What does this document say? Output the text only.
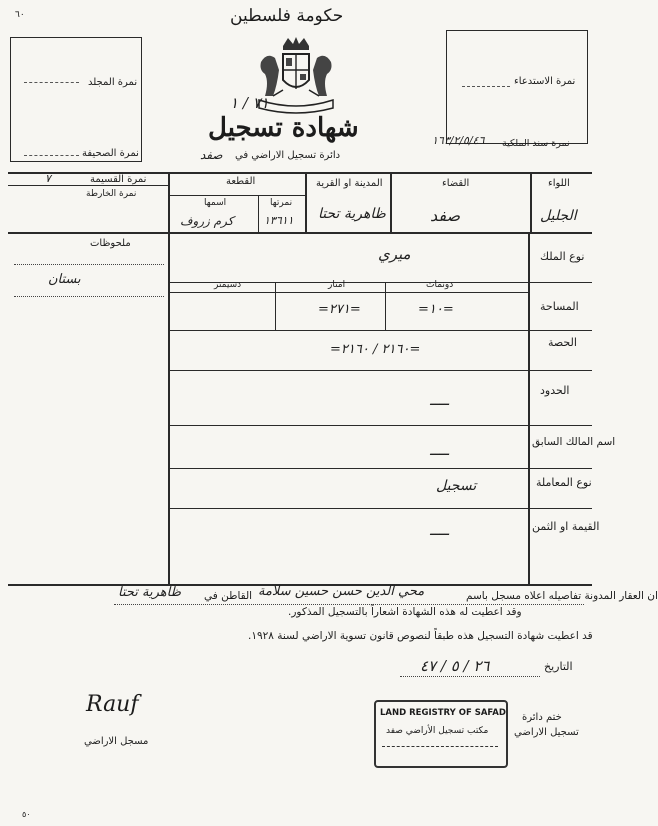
٦٠	حكومة فلسطين
٧١ / ١
شهادة تسجيل
دائرة تسجيل الاراضي في
صفد
نمرة المجلد
نمرة الصحيفة
نمرة الاستدعاء
نمرة سند الملكية
١٦٣/٢/٥/٤٦
اللواء
القضاء
المدينة او القرية
القطعة
نمرتها
اسمها
نمرة القسيمة
٧
نمرة الخارطة
الجليل
صفد
ظاهرية تحتا
١٣٦١١
كرم زروف
ملحوظات
بستان
نوع الملك
ميري
المساحة
دونمات
امتار
دسيمتر
=١٠=
=٢٧١=
الحصة
=٢١٦٠ / ٢١٦٠=
الحدود
ــــ
اسم المالك السابق
ــــ
نوع المعاملة
تسجيل
القيمة او الثمن
ــــ
ان العقار المدونة تفاصيله اعلاه مسجل باسم
محي الدين حسن حسين سلامة
القاطن في
ظاهرية تحتا
وقد اعطيت له هذه الشهادة اشعاراً بالتسجيل المذكور.
قد اعطيت شهادة التسجيل هذه طبقاً لنصوص قانون تسوية الاراضي لسنة ١٩٢٨.
التاريخ
٢٦ / ٥ / ٤٧
ختم دائرة
تسجيل الاراضي
LAND REGISTRY OF SAFAD
مكتب تسجيل الأراضي صفد
Rauf
مسجل الاراضي
٥٠
